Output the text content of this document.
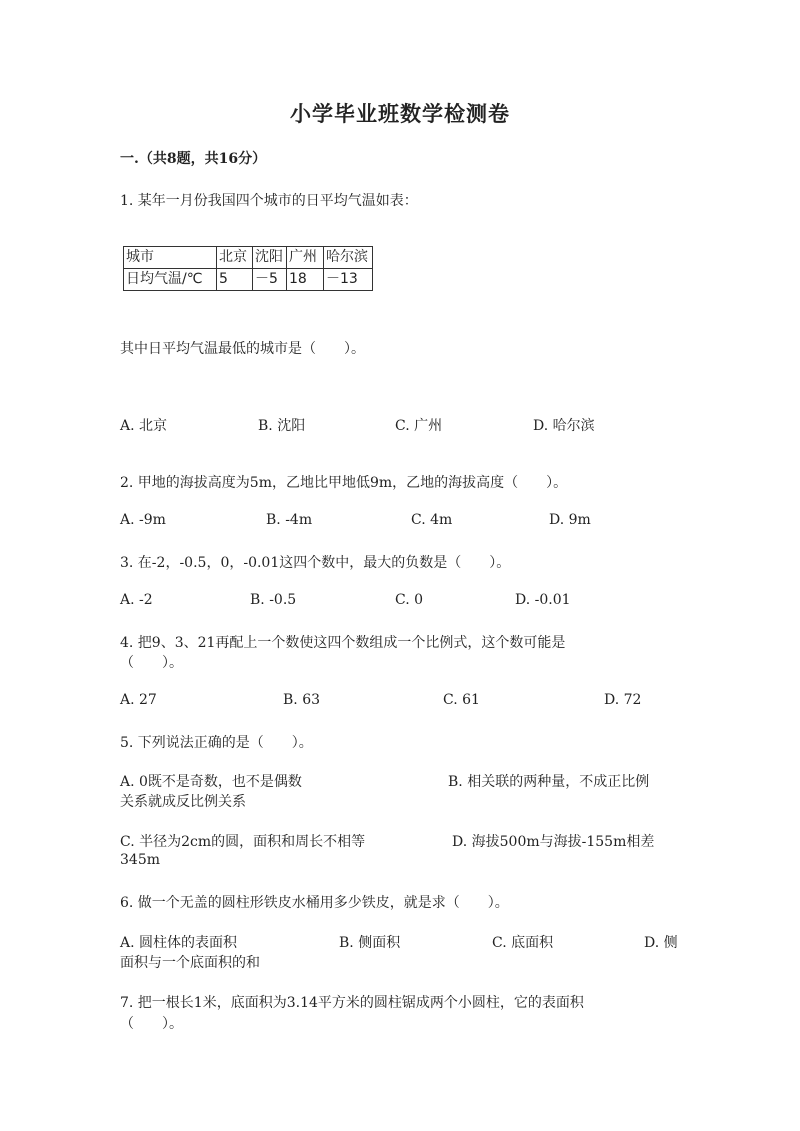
小学毕业班数学检测卷
一.（共8题，共16分）
1. 某年一月份我国四个城市的日平均气温如表：
城市	北京	沈阳	广州	哈尔滨
日均气温/℃	5	－5	18	－13
其中日平均气温最低的城市是（　　）。
A. 北京	B. 沈阳	C. 广州	D. 哈尔滨
2. 甲地的海拔高度为5m，乙地比甲地低9m，乙地的海拔高度（　　）。
A. -9m	B. -4m	C. 4m	D. 9m
3. 在-2，-0.5，0，-0.01这四个数中，最大的负数是（　　）。
A. -2	B. -0.5	C. 0	D. -0.01
4. 把9、3、21再配上一个数使这四个数组成一个比例式，这个数可能是
（　　）。
A. 27	B. 63	C. 61	D. 72
5. 下列说法正确的是（　　）。
A. 0既不是奇数，也不是偶数	B. 相关联的两种量，不成正比例
关系就成反比例关系
C. 半径为2cm的圆，面积和周长不相等	D. 海拔500m与海拔-155m相差
345m
6. 做一个无盖的圆柱形铁皮水桶用多少铁皮，就是求（　　）。
A. 圆柱体的表面积	B. 侧面积	C. 底面积	D. 侧
面积与一个底面积的和
7. 把一根长1米，底面积为3.14平方米的圆柱锯成两个小圆柱，它的表面积
（　　）。
